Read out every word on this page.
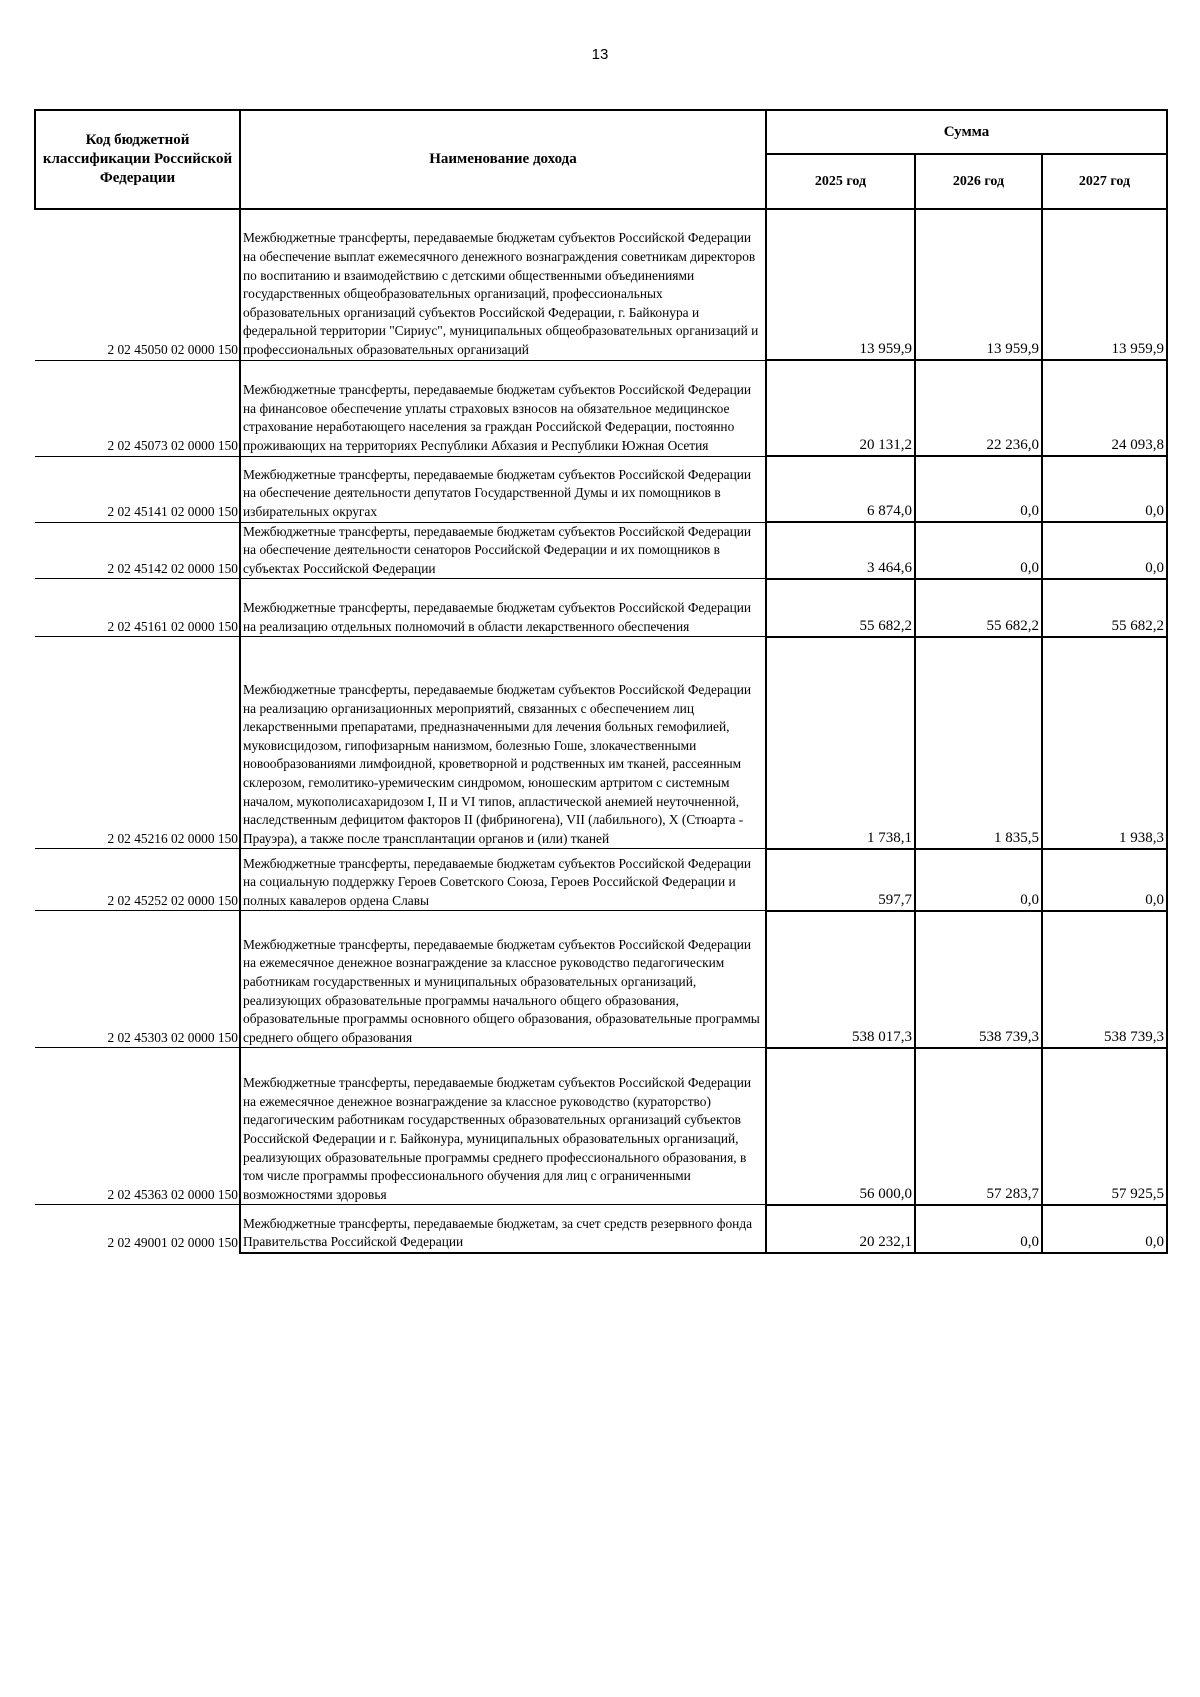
13
Код бюджетной классификации Российской Федерации	Наименование дохода	Сумма		
		2025 год	2026 год	2027 год
2 02 45050 02 0000 150	Межбюджетные трансферты, передаваемые бюджетам субъектов Российской Федерации на обеспечение выплат ежемесячного денежного вознаграждения советникам директоров по воспитанию и взаимодействию с детскими общественными объединениями государственных общеобразовательных организаций, профессиональных образовательных организаций субъектов Российской Федерации, г. Байконура и федеральной территории "Сириус", муниципальных общеобразовательных организаций и профессиональных образовательных организаций	13 959,9	13 959,9	13 959,9
2 02 45073 02 0000 150	Межбюджетные трансферты, передаваемые бюджетам субъектов Российской Федерации на финансовое обеспечение уплаты страховых взносов на обязательное медицинское страхование неработающего населения за граждан Российской Федерации, постоянно проживающих на территориях Республики Абхазия и Республики Южная Осетия	20 131,2	22 236,0	24 093,8
2 02 45141 02 0000 150	Межбюджетные трансферты, передаваемые бюджетам субъектов Российской Федерации на обеспечение деятельности депутатов Государственной Думы и их помощников в избирательных округах	6 874,0	0,0	0,0
2 02 45142 02 0000 150	Межбюджетные трансферты, передаваемые бюджетам субъектов Российской Федерации на обеспечение деятельности сенаторов Российской Федерации и их помощников в субъектах Российской Федерации	3 464,6	0,0	0,0
2 02 45161 02 0000 150	Межбюджетные трансферты, передаваемые бюджетам субъектов Российской Федерации на реализацию отдельных полномочий в области лекарственного обеспечения	55 682,2	55 682,2	55 682,2
2 02 45216 02 0000 150	Межбюджетные трансферты, передаваемые бюджетам субъектов Российской Федерации на реализацию организационных мероприятий, связанных с обеспечением лиц лекарственными препаратами, предназначенными для лечения больных гемофилией, муковисцидозом, гипофизарным нанизмом, болезнью Гоше, злокачественными новообразованиями лимфоидной, кроветворной и родственных им тканей, рассеянным склерозом, гемолитико-уремическим синдромом, юношеским артритом с системным началом, мукополисахаридозом I, II и VI типов, апластической анемией неуточненной, наследственным дефицитом факторов II (фибриногена), VII (лабильного), X (Стюарта - Прауэра), а также после трансплантации органов и (или) тканей	1 738,1	1 835,5	1 938,3
2 02 45252 02 0000 150	Межбюджетные трансферты, передаваемые бюджетам субъектов Российской Федерации на социальную поддержку Героев Советского Союза, Героев Российской Федерации и полных кавалеров ордена Славы	597,7	0,0	0,0
2 02 45303 02 0000 150	Межбюджетные трансферты, передаваемые бюджетам субъектов Российской Федерации на ежемесячное денежное вознаграждение за классное руководство педагогическим работникам государственных и муниципальных образовательных организаций, реализующих образовательные программы начального общего образования, образовательные программы основного общего образования, образовательные программы среднего общего образования	538 017,3	538 739,3	538 739,3
2 02 45363 02 0000 150	Межбюджетные трансферты, передаваемые бюджетам субъектов Российской Федерации на ежемесячное денежное вознаграждение за классное руководство (кураторство) педагогическим работникам государственных образовательных организаций субъектов Российской Федерации и г. Байконура, муниципальных образовательных организаций, реализующих образовательные программы среднего профессионального образования, в том числе программы профессионального обучения для лиц с ограниченными возможностями здоровья	56 000,0	57 283,7	57 925,5
2 02 49001 02 0000 150	Межбюджетные трансферты, передаваемые бюджетам, за счет средств резервного фонда Правительства Российской Федерации	20 232,1	0,0	0,0
